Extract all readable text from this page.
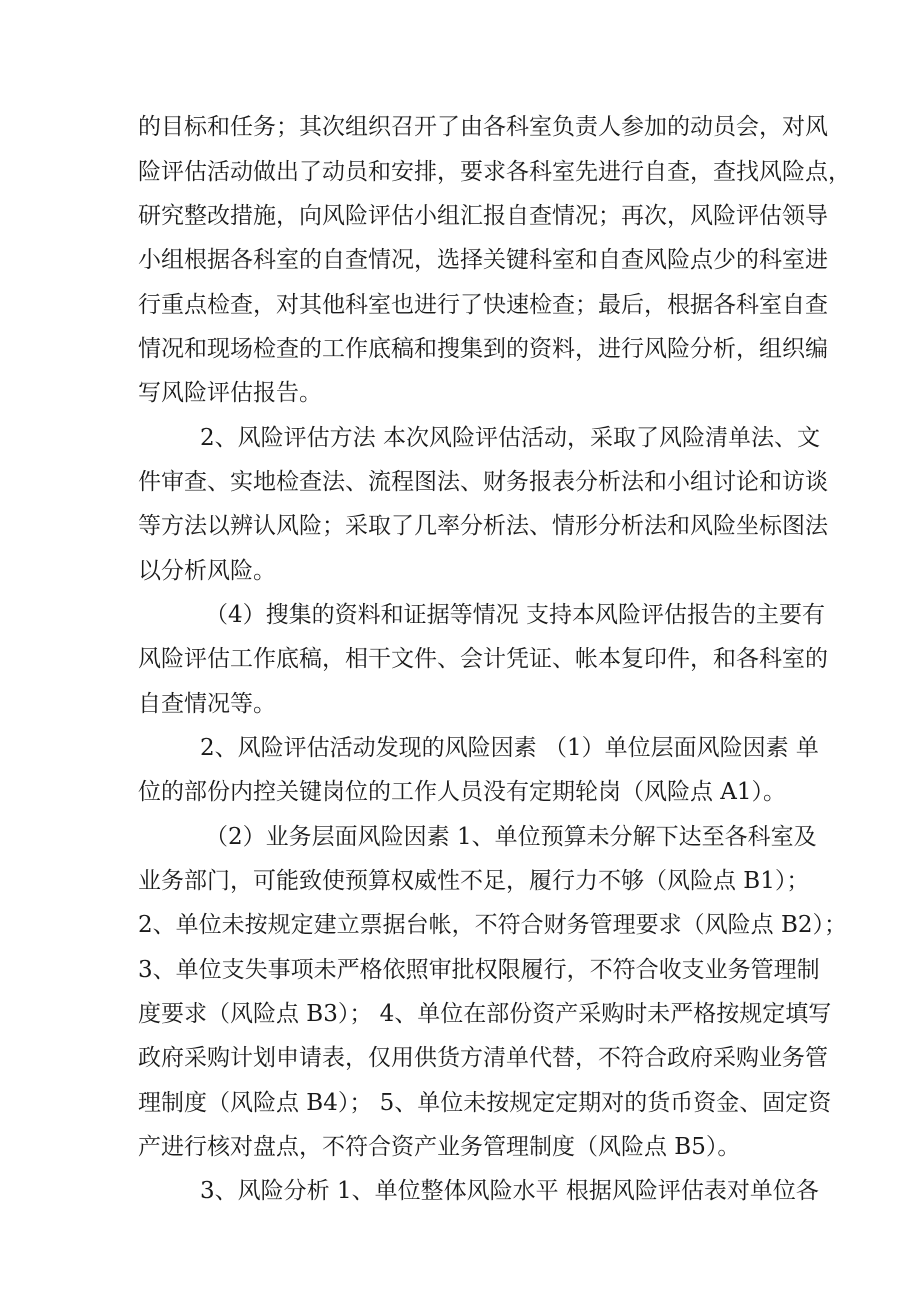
的目标和任务；其次组织召开了由各科室负责人参加的动员会，对风
险评估活动做出了动员和安排，要求各科室先进行自查，查找风险点，
研究整改措施，向风险评估小组汇报自查情况；再次，风险评估领导
小组根据各科室的自查情况，选择关键科室和自查风险点少的科室进
行重点检查，对其他科室也进行了快速检查；最后，根据各科室自查
情况和现场检查的工作底稿和搜集到的资料，进行风险分析，组织编
写风险评估报告。
2、风险评估方法 本次风险评估活动，采取了风险清单法、文
件审查、实地检查法、流程图法、财务报表分析法和小组讨论和访谈
等方法以辨认风险；采取了几率分析法、情形分析法和风险坐标图法
以分析风险。
（4）搜集的资料和证据等情况 支持本风险评估报告的主要有
风险评估工作底稿，相干文件、会计凭证、帐本复印件，和各科室的
自查情况等。
2、风险评估活动发现的风险因素 （1）单位层面风险因素 单
位的部份内控关键岗位的工作人员没有定期轮岗（风险点 A1）。
（2）业务层面风险因素 1、单位预算未分解下达至各科室及
业务部门，可能致使预算权威性不足，履行力不够（风险点 B1）；
2、单位未按规定建立票据台帐，不符合财务管理要求（风险点 B2）；
3、单位支失事项未严格依照审批权限履行，不符合收支业务管理制
度要求（风险点 B3）； 4、单位在部份资产采购时未严格按规定填写
政府采购计划申请表，仅用供货方清单代替，不符合政府采购业务管
理制度（风险点 B4）； 5、单位未按规定定期对的货币资金、固定资
产进行核对盘点，不符合资产业务管理制度（风险点 B5）。
3、风险分析 1、单位整体风险水平 根据风险评估表对单位各
